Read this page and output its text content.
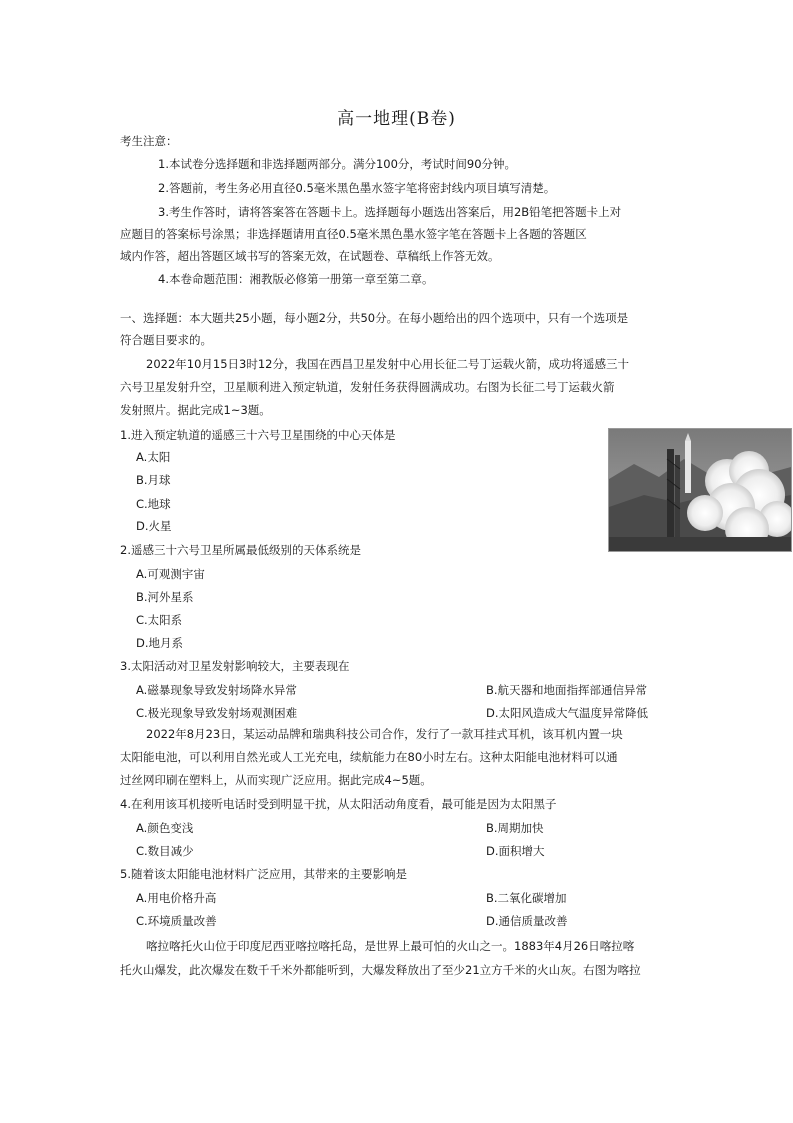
高一地理(B卷)
考生注意：
1.本试卷分选择题和非选择题两部分。满分100分，考试时间90分钟。
2.答题前，考生务必用直径0.5毫米黑色墨水签字笔将密封线内项目填写清楚。
3.考生作答时，请将答案答在答题卡上。选择题每小题选出答案后，用2B铅笔把答题卡上对
应题目的答案标号涂黑；非选择题请用直径0.5毫米黑色墨水签字笔在答题卡上各题的答题区
域内作答，超出答题区域书写的答案无效，在试题卷、草稿纸上作答无效。
4.本卷命题范围：湘教版必修第一册第一章至第二章。
一、选择题：本大题共25小题，每小题2分，共50分。在每小题给出的四个选项中，只有一个选项是
符合题目要求的。
2022年10月15日3时12分，我国在西昌卫星发射中心用长征二号丁运载火箭，成功将遥感三十
六号卫星发射升空，卫星顺利进入预定轨道，发射任务获得圆满成功。右图为长征二号丁运载火箭
发射照片。据此完成1~3题。
1.进入预定轨道的遥感三十六号卫星围绕的中心天体是
A.太阳
B.月球
C.地球
D.火星
2.遥感三十六号卫星所属最低级别的天体系统是
A.可观测宇宙
B.河外星系
C.太阳系
D.地月系
3.太阳活动对卫星发射影响较大，主要表现在
A.磁暴现象导致发射场降水异常	B.航天器和地面指挥部通信异常
C.极光现象导致发射场观测困难	D.太阳风造成大气温度异常降低
2022年8月23日，某运动品牌和瑞典科技公司合作，发行了一款耳挂式耳机，该耳机内置一块
太阳能电池，可以利用自然光或人工光充电，续航能力在80小时左右。这种太阳能电池材料可以通
过丝网印刷在塑料上，从而实现广泛应用。据此完成4~5题。
4.在利用该耳机接听电话时受到明显干扰，从太阳活动角度看，最可能是因为太阳黑子
A.颜色变浅	B.周期加快
C.数目减少	D.面积增大
5.随着该太阳能电池材料广泛应用，其带来的主要影响是
A.用电价格升高	B.二氧化碳增加
C.环境质量改善	D.通信质量改善
喀拉喀托火山位于印度尼西亚喀拉喀托岛，是世界上最可怕的火山之一。1883年4月26日喀拉喀
托火山爆发，此次爆发在数千千米外都能听到，大爆发释放出了至少21立方千米的火山灰。右图为喀拉
